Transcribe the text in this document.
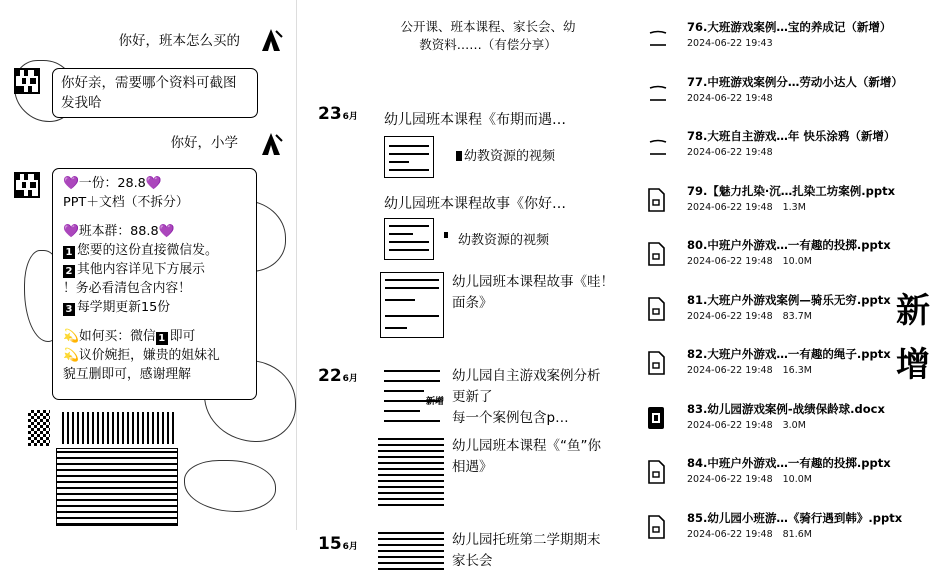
你好，班本怎么买的
你好亲，需要哪个资料可截图发我哈
你好，小学
💜一份：28.8💜
PPT＋文档（不拆分）
💜班本群：88.8💜
1 您要的这份直接微信发。
2 其他内容详见下方展示
！务必看清包含内容！
3 每学期更新15份
💫如何买：微信 1 即可
💫议价婉拒，嫌贵的姐妹礼
貌互删即可，感谢理解
公开课、班本课程、家长会、幼教资料……（有偿分享）
236月 幼儿园班本课程《布期而遇…
幼教资源的视频
幼儿园班本课程故事《你好…
幼教资源的视频
幼儿园班本课程故事《哇！面条》
226月
新增
幼儿园自主游戏案例分析更新了
每一个案例包含p…
幼儿园班本课程《“鱼”你相遇》
156月	幼儿园托班第二学期期末家长会
76.大班游戏案例…宝的养成记（新增）
2024-06-22 19:43
77.中班游戏案例分…劳动小达人（新增）
2024-06-22 19:48
78.大班自主游戏…年 快乐涂鸦（新增）
2024-06-22 19:48
79.【魅力扎染·沉…扎染工坊案例.pptx
2024-06-22 19:48 1.3M
80.中班户外游戏…一有趣的投掷.pptx
2024-06-22 19:48 10.0M
81.大班户外游戏案例—骑乐无穷.pptx
2024-06-22 19:48 83.7M
82.大班户外游戏…一有趣的绳子.pptx
2024-06-22 19:48 16.3M
83.幼儿园游戏案例-战绩保龄球.docx
2024-06-22 19:48 3.0M
84.中班户外游戏…一有趣的投掷.pptx
2024-06-22 19:48 10.0M
85.幼儿园小班游…《骑行遇到韩》.pptx
2024-06-22 19:48 81.6M
新增
